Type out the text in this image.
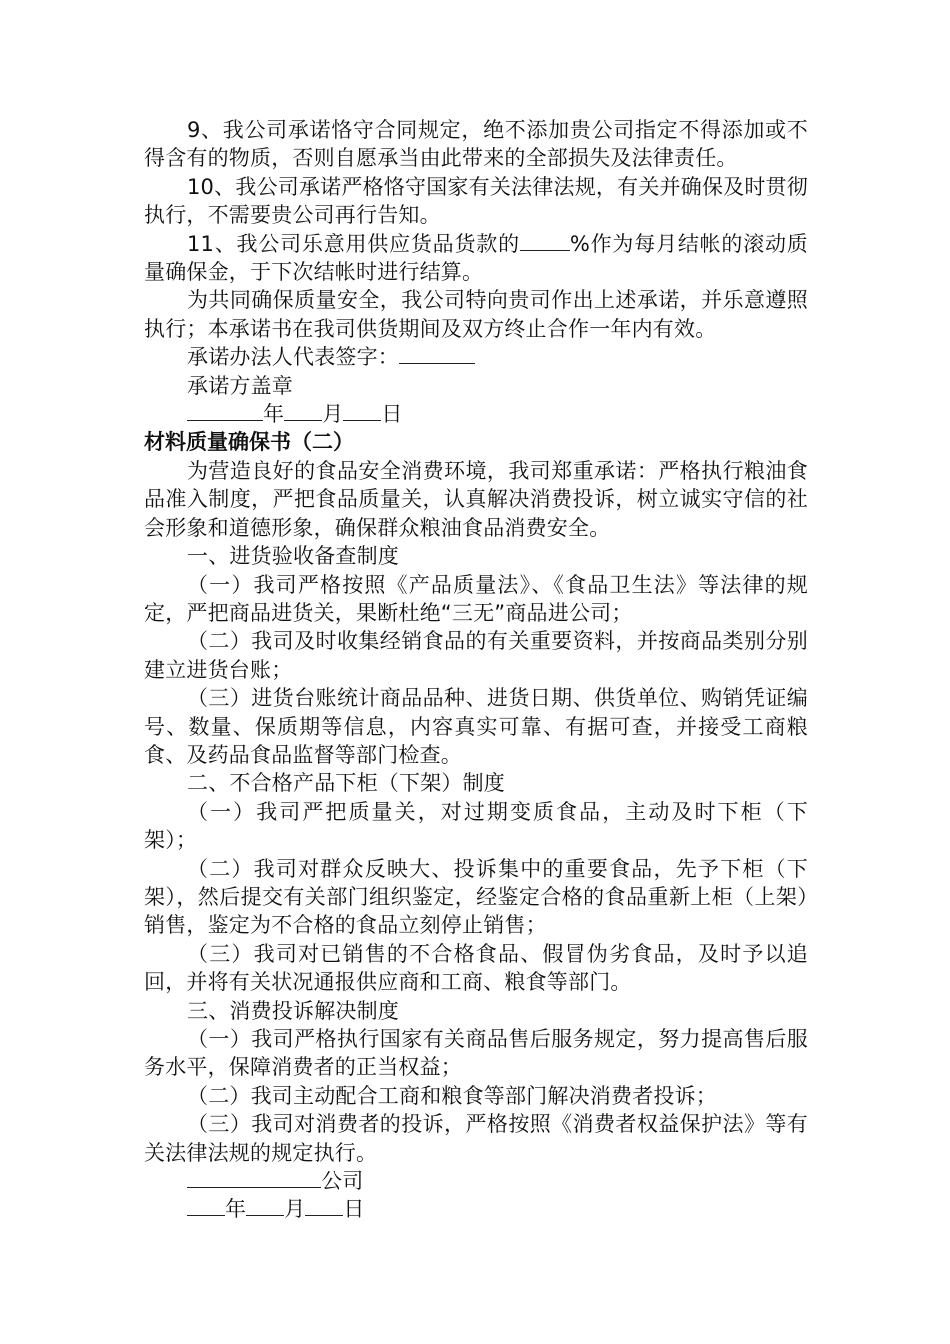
9、我公司承诺恪守合同规定，绝不添加贵公司指定不得添加或不得含有的物质，否则自愿承当由此带来的全部损失及法律责任。

10、我公司承诺严格恪守国家有关法律法规，有关并确保及时贯彻执行，不需要贵公司再行告知。

11、我公司乐意用供应货品货款的 %作为每月结帐的滚动质量确保金，于下次结帐时进行结算。

为共同确保质量安全，我公司特向贵司作出上述承诺，并乐意遵照执行；本承诺书在我司供货期间及双方终止合作一年内有效。

承诺办法人代表签字：

承诺方盖章

年 月 日

材料质量确保书（二）

为营造良好的食品安全消费环境，我司郑重承诺：严格执行粮油食品准入制度，严把食品质量关，认真解决消费投诉，树立诚实守信的社会形象和道德形象，确保群众粮油食品消费安全。

一、进货验收备查制度

（一）我司严格按照《产品质量法》、《食品卫生法》等法律的规定，严把商品进货关，果断杜绝“三无”商品进公司；

（二）我司及时收集经销食品的有关重要资料，并按商品类别分别建立进货台账；

（三）进货台账统计商品品种、进货日期、供货单位、购销凭证编号、数量、保质期等信息，内容真实可靠、有据可查，并接受工商粮食、及药品食品监督等部门检查。

二、不合格产品下柜（下架）制度

（一）我司严把质量关，对过期变质食品，主动及时下柜（下架）；

（二）我司对群众反映大、投诉集中的重要食品，先予下柜（下架），然后提交有关部门组织鉴定，经鉴定合格的食品重新上柜（上架）销售，鉴定为不合格的食品立刻停止销售；

（三）我司对已销售的不合格食品、假冒伪劣食品，及时予以追回，并将有关状况通报供应商和工商、粮食等部门。

三、消费投诉解决制度

（一）我司严格执行国家有关商品售后服务规定，努力提高售后服务水平，保障消费者的正当权益；

（二）我司主动配合工商和粮食等部门解决消费者投诉；

（三）我司对消费者的投诉，严格按照《消费者权益保护法》等有关法律法规的规定执行。

公司

年 月 日
